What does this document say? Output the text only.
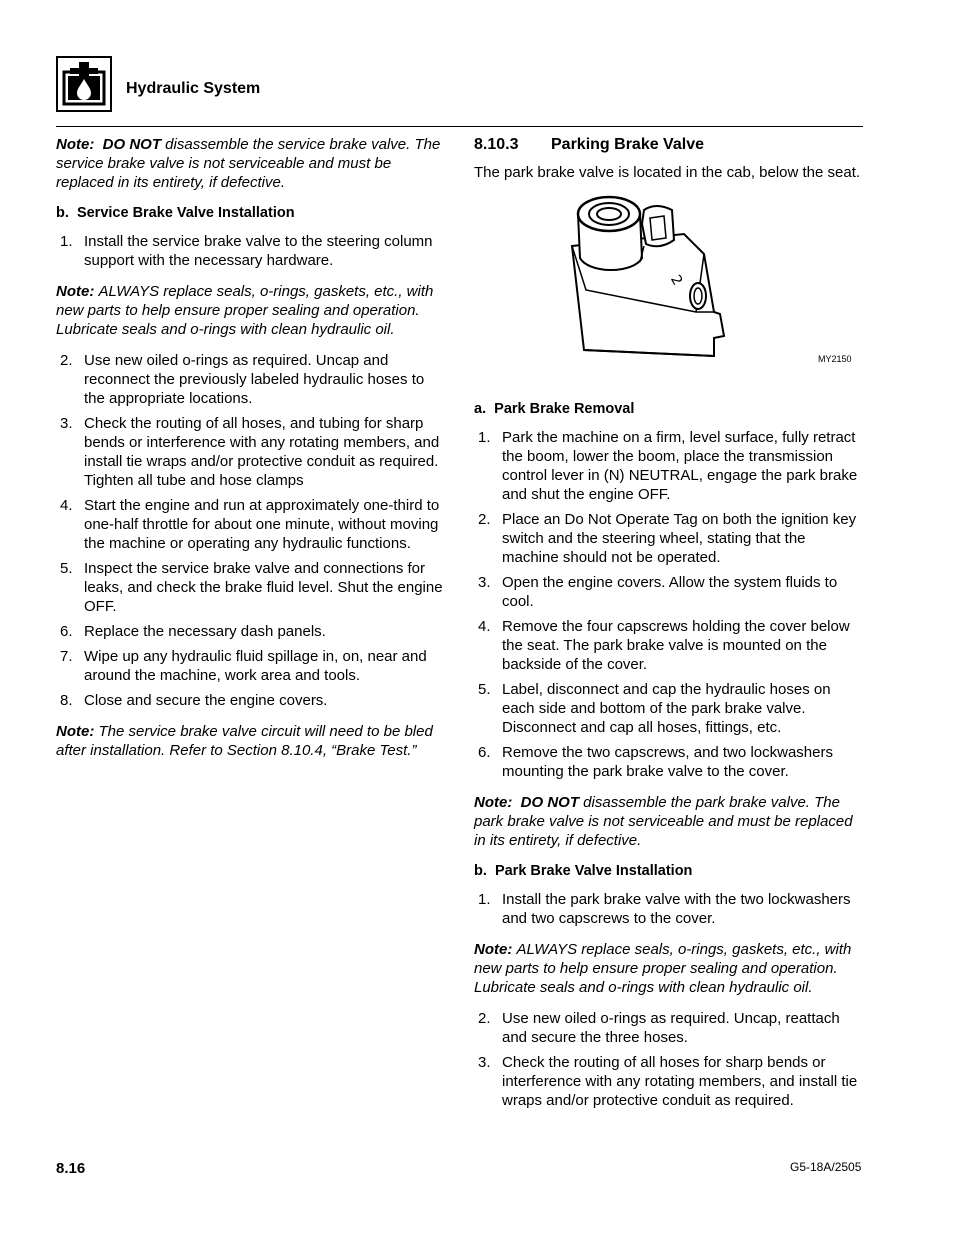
Hydraulic System

Note: DO NOT disassemble the service brake valve. The service brake valve is not serviceable and must be replaced in its entirety, if defective.

b.  Service Brake Valve Installation
1. Install the service brake valve to the steering column support with the necessary hardware.

Note: ALWAYS replace seals, o-rings, gaskets, etc., with new parts to help ensure proper sealing and operation. Lubricate seals and o-rings with clean hydraulic oil.

2. Use new oiled o-rings as required. Uncap and reconnect the previously labeled hydraulic hoses to the appropriate locations.
3. Check the routing of all hoses, and tubing for sharp bends or interference with any rotating members, and install tie wraps and/or protective conduit as required. Tighten all tube and hose clamps
4. Start the engine and run at approximately one-third to one-half throttle for about one minute, without moving the machine or operating any hydraulic functions.
5. Inspect the service brake valve and connections for leaks, and check the brake fluid level. Shut the engine OFF.
6. Replace the necessary dash panels.
7. Wipe up any hydraulic fluid spillage in, on, near and around the machine, work area and tools.
8. Close and secure the engine covers.

Note: The service brake valve circuit will need to be bled after installation. Refer to Section 8.10.4, “Brake Test.”

8.10.3 Parking Brake Valve

The park brake valve is located in the cab, below the seat.

2
MY2150
a.  Park Brake Removal
1. Park the machine on a firm, level surface, fully retract the boom, lower the boom, place the transmission control lever in (N) NEUTRAL, engage the park brake and shut the engine OFF.
2. Place an Do Not Operate Tag on both the ignition key switch and the steering wheel, stating that the machine should not be operated.
3. Open the engine covers. Allow the system fluids to cool.
4. Remove the four capscrews holding the cover below the seat. The park brake valve is mounted on the backside of the cover.
5. Label, disconnect and cap the hydraulic hoses on each side and bottom of the park brake valve. Disconnect and cap all hoses, fittings, etc.
6. Remove the two capscrews, and two lockwashers mounting the park brake valve to the cover.

Note: DO NOT disassemble the park brake valve. The park brake valve is not serviceable and must be replaced in its entirety, if defective.

b.  Park Brake Valve Installation
1. Install the park brake valve with the two lockwashers and two capscrews to the cover.

Note: ALWAYS replace seals, o-rings, gaskets, etc., with new parts to help ensure proper sealing and operation. Lubricate seals and o-rings with clean hydraulic oil.

2. Use new oiled o-rings as required. Uncap, reattach and secure the three hoses.
3. Check the routing of all hoses for sharp bends or interference with any rotating members, and install tie wraps and/or protective conduit as required.
8.16	G5-18A/2505
